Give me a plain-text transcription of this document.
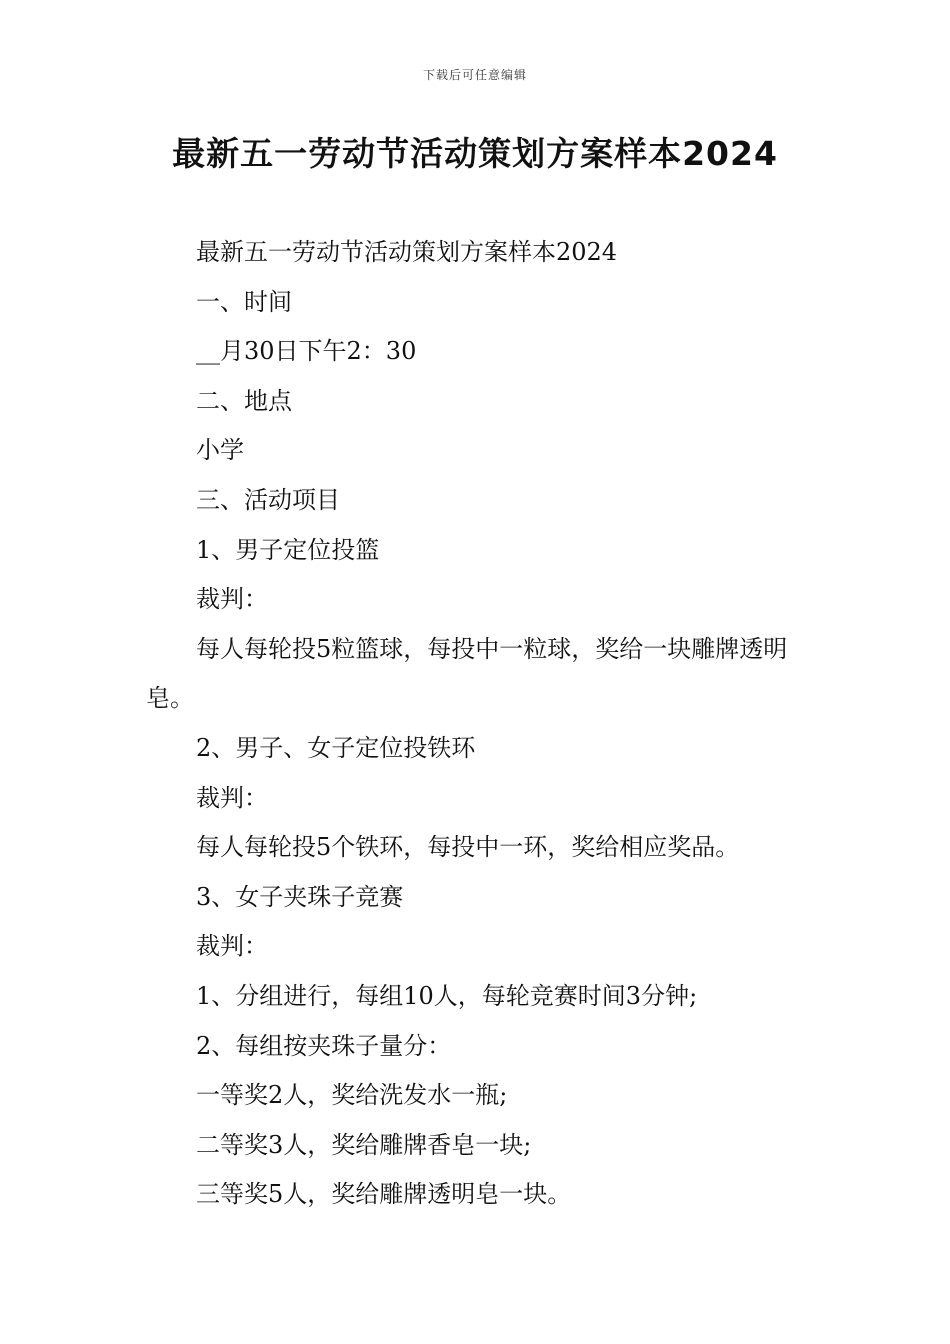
下载后可任意编辑
最新五一劳动节活动策划方案样本2024

最新五一劳动节活动策划方案样本2024

一、时间

__月30日下午2：30

二、地点

小学

三、活动项目

1、男子定位投篮

裁判：

每人每轮投5粒篮球，每投中一粒球，奖给一块雕牌透明皂。

2、男子、女子定位投铁环

裁判：

每人每轮投5个铁环，每投中一环，奖给相应奖品。

3、女子夹珠子竞赛

裁判：

1、分组进行，每组10人，每轮竞赛时间3分钟;

2、每组按夹珠子量分：

一等奖2人，奖给洗发水一瓶;

二等奖3人，奖给雕牌香皂一块;

三等奖5人，奖给雕牌透明皂一块。
